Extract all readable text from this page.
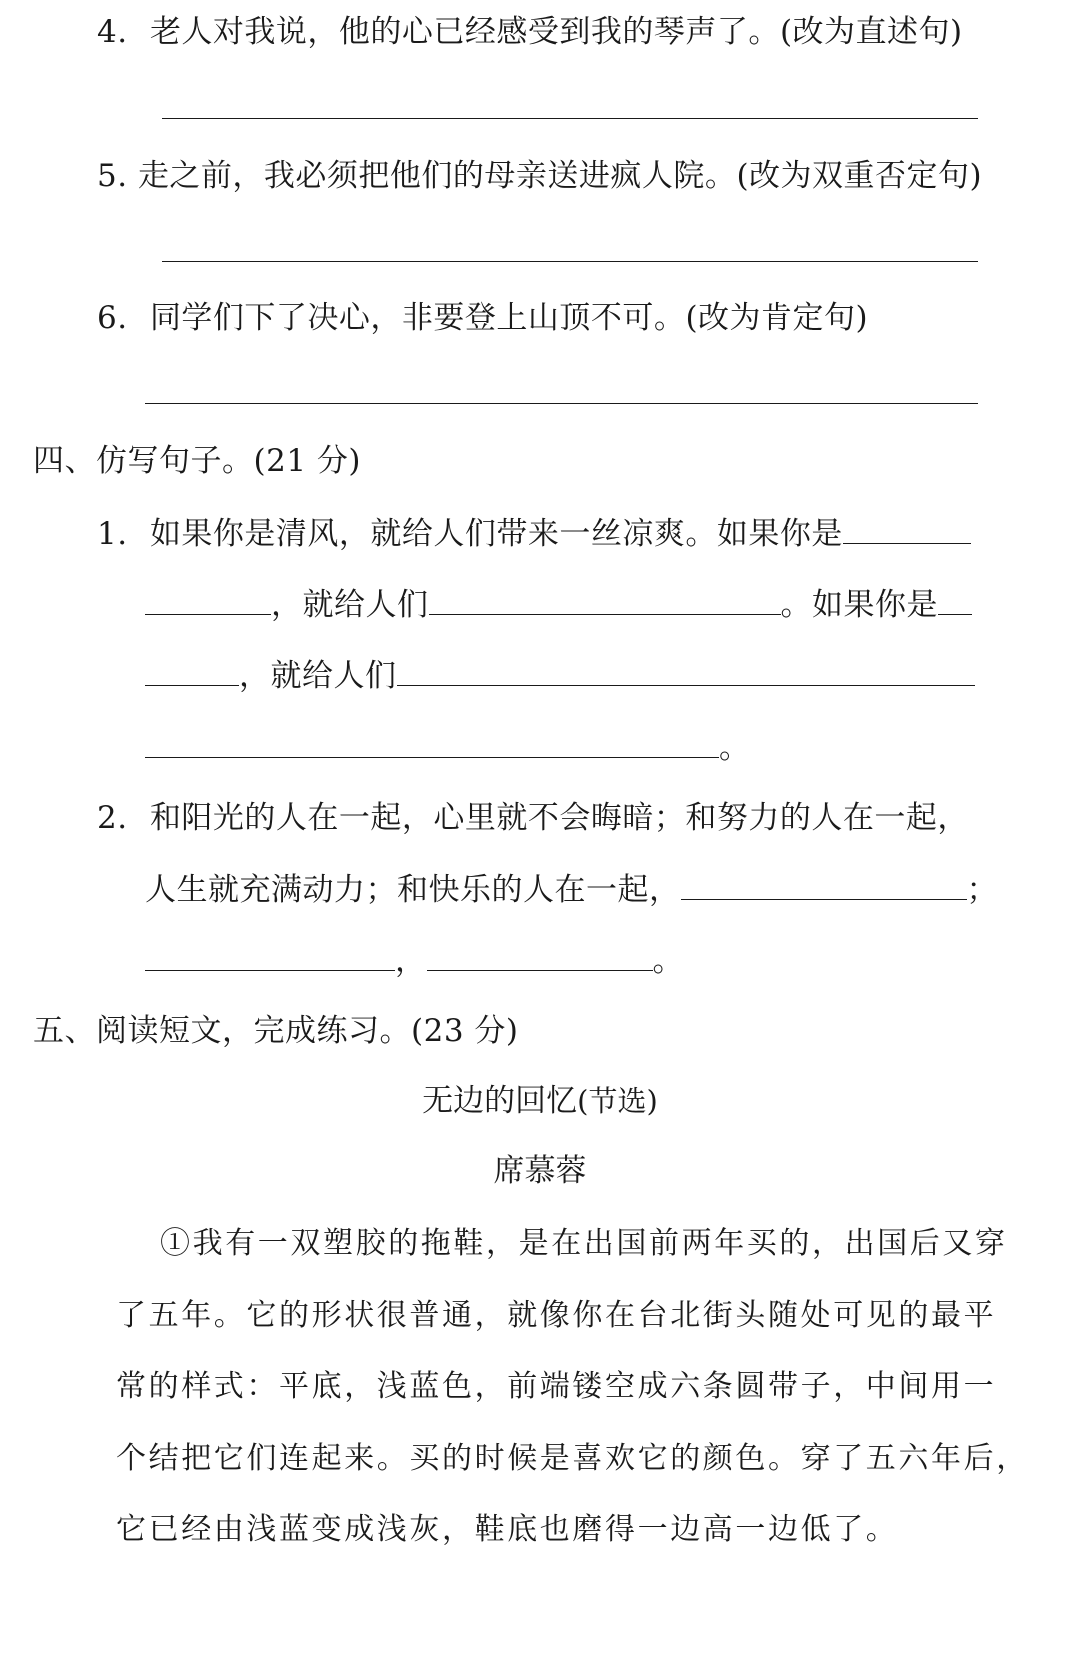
4. 老人对我说，他的心已经感受到我的琴声了。(改为直述句)
5. 走之前，我必须把他们的母亲送进疯人院。(改为双重否定句)
6. 同学们下了决心，非要登上山顶不可。(改为肯定句)
四、仿写句子。(21 分)
1. 如果你是清风，就给人们带来一丝凉爽。如果你是
，就给人们	。如果你是
，就给人们
。
2. 和阳光的人在一起，心里就不会晦暗；和努力的人在一起，
人生就充满动力；和快乐的人在一起，	；
，	。
五、阅读短文，完成练习。(23 分)
无边的回忆(节选)
席慕蓉
①我有一双塑胶的拖鞋，是在出国前两年买的，出国后又穿
了五年。它的形状很普通，就像你在台北街头随处可见的最平
常的样式：平底，浅蓝色，前端镂空成六条圆带子，中间用一
个结把它们连起来。买的时候是喜欢它的颜色。穿了五六年后，
它已经由浅蓝变成浅灰，鞋底也磨得一边高一边低了。
